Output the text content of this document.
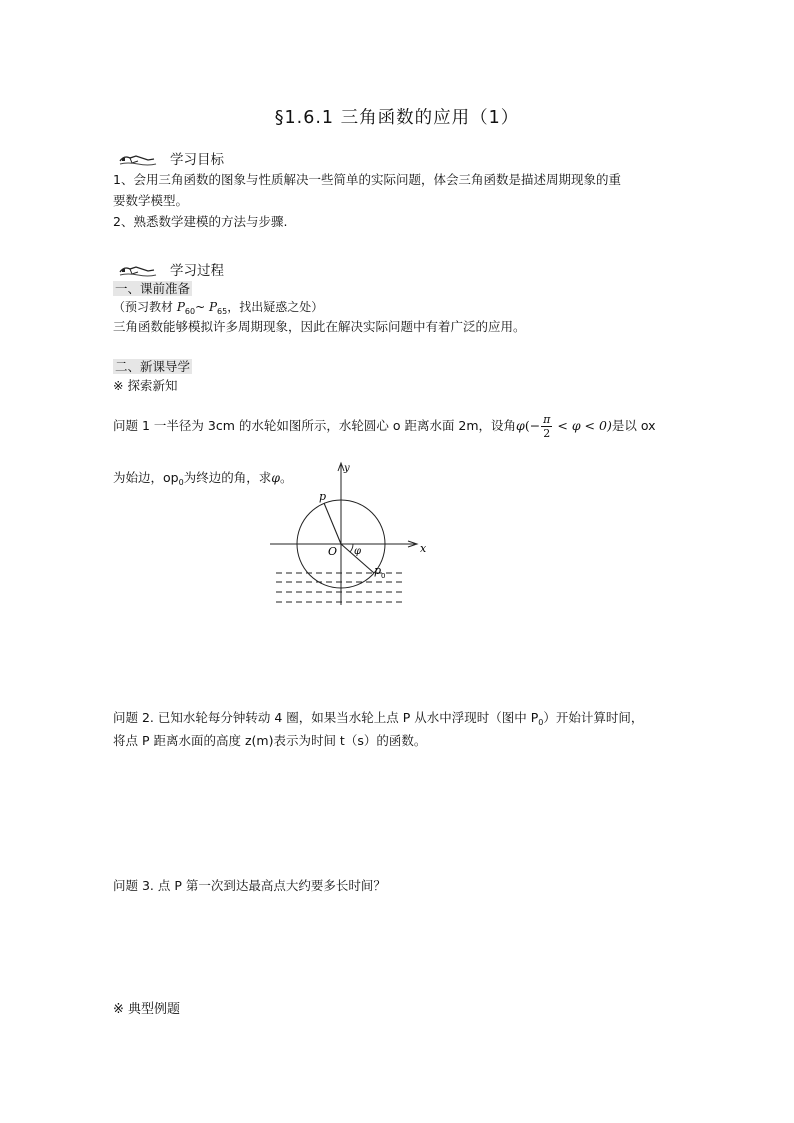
§1.6.1 三角函数的应用（1）
学习目标
1、会用三角函数的图象与性质解决一些简单的实际问题，体会三角函数是描述周期现象的重
要数学模型。
2、熟悉数学建模的方法与步骤.
学习过程
一、课前准备
（预习教材 $P_{60}\sim$ $P_{65}$，找出疑惑之处）
三角函数能够模拟许多周期现象，因此在解决实际问题中有着广泛的应用。
二、新课导学
※ 探索新知
问题 1 一半径为 3cm 的水轮如图所示，水轮圆心 o 距离水面 2m，设角$\varphi(- \frac{\pi}{2} < \varphi < 0)$是以 ox
为始边，$op_0$为终边的角，求φ。
y
x
O
p
φ
p 0
问题 2. 已知水轮每分钟转动 4 圈，如果当水轮上点 P 从水中浮现时（图中 $P_0$）开始计算时间，
将点 P 距离水面的高度 z(m)表示为时间 t（s）的函数。
问题 3. 点 P 第一次到达最高点大约要多长时间？
※ 典型例题
